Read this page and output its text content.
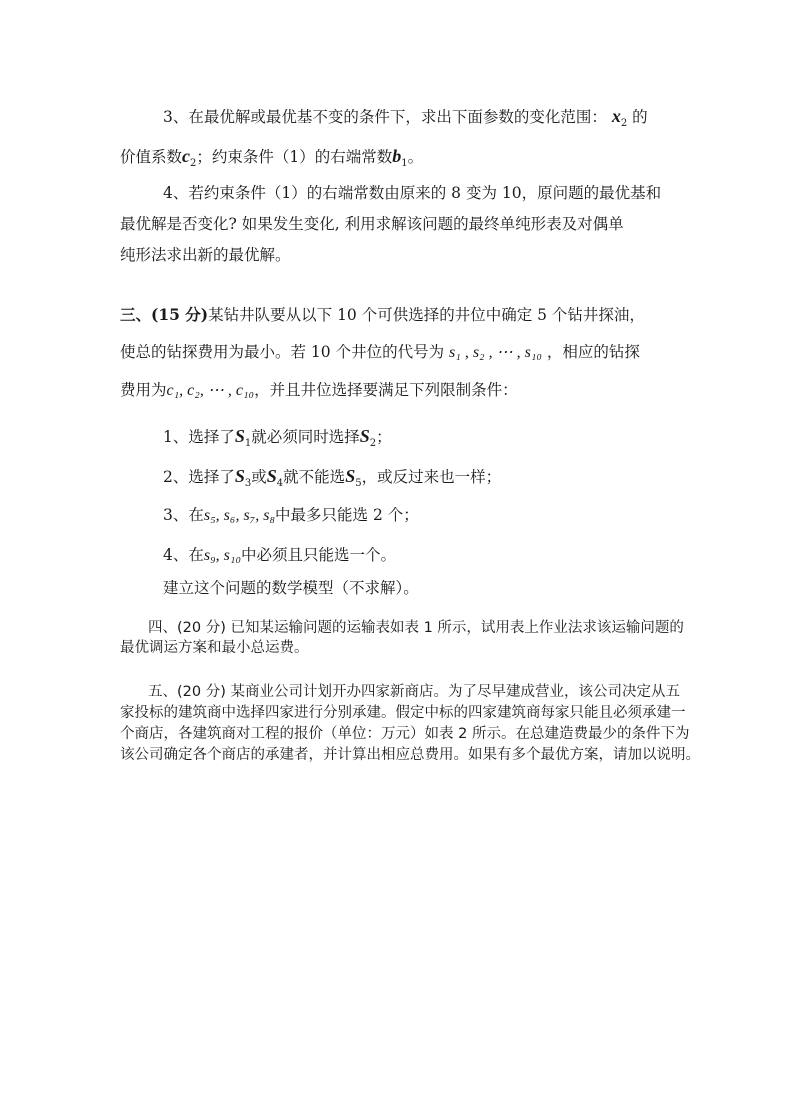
3、在最优解或最优基不变的条件下，求出下面参数的变化范围： $x_2$ 的
价值系数$c_2$；约束条件（1）的右端常数$b_1$。
4、若约束条件（1）的右端常数由原来的 8 变为 10，原问题的最优基和
最优解是否变化? 如果发生变化, 利用求解该问题的最终单纯形表及对偶单
纯形法求出新的最优解。
三、(15 分)某钻井队要从以下 10 个可供选择的井位中确定 5 个钻井探油，
使总的钻探费用为最小。若 10 个井位的代号为 s₁ , s₂ , ⋯ , s₁₀ ，相应的钻探
费用为c₁, c₂, ⋯ , c₁₀，并且井位选择要满足下列限制条件：
1、选择了$S_1$就必须同时选择$S_2$；
2、选择了$S_3$或$S_4$就不能选$S_5$，或反过来也一样；
3、在s₅, s₆, s₇, s₈中最多只能选 2 个；
4、在s₉, s₁₀中必须且只能选一个。
建立这个问题的数学模型（不求解）。
四、(20 分) 已知某运输问题的运输表如表 1 所示，试用表上作业法求该运输问题的
最优调运方案和最小总运费。
五、(20 分) 某商业公司计划开办四家新商店。为了尽早建成营业，该公司决定从五
家投标的建筑商中选择四家进行分别承建。假定中标的四家建筑商每家只能且必须承建一
个商店，各建筑商对工程的报价（单位：万元）如表 2 所示。在总建造费最少的条件下为
该公司确定各个商店的承建者，并计算出相应总费用。如果有多个最优方案，请加以说明。
